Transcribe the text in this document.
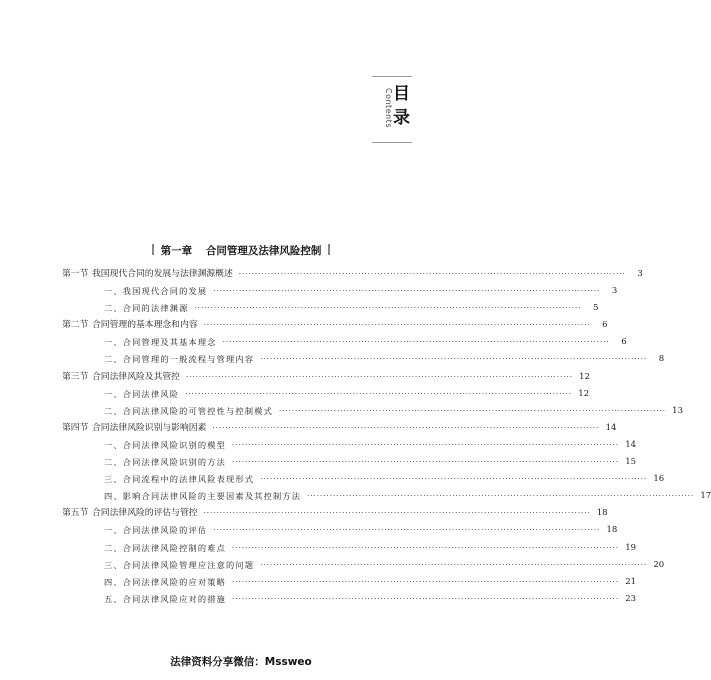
Contents 目
录
第一章 合同管理及法律风险控制
第一节 我国现代合同的发展与法律渊源概述 ························································································································	3
一、我国现代合同的发展 ························································································································	3
二、合同的法律渊源 ························································································································	5
第二节 合同管理的基本理念和内容 ························································································································	6
一、合同管理及其基本理念 ························································································································	6
二、合同管理的一般流程与管理内容 ························································································································	8
第三节 合同法律风险及其管控 ························································································································ 12
一、合同法律风险 ························································································································ 12
二、合同法律风险的可管控性与控制模式 ························································································································ 13
第四节 合同法律风险识别与影响因素 ························································································································ 14
一、合同法律风险识别的模型 ························································································································ 14
二、合同法律风险识别的方法 ························································································································ 15
三、合同流程中的法律风险表现形式 ························································································································ 16
四、影响合同法律风险的主要因素及其控制方法 ························································································································ 17
第五节 合同法律风险的评估与管控 ························································································································ 18
一、合同法律风险的评估 ························································································································ 18
二、合同法律风险控制的难点 ························································································································ 19
三、合同法律风险管理应注意的问题 ························································································································ 20
四、合同法律风险的应对策略 ························································································································ 21
五、合同法律风险应对的措施 ························································································································ 23
法律资料分享微信：Mssweo
